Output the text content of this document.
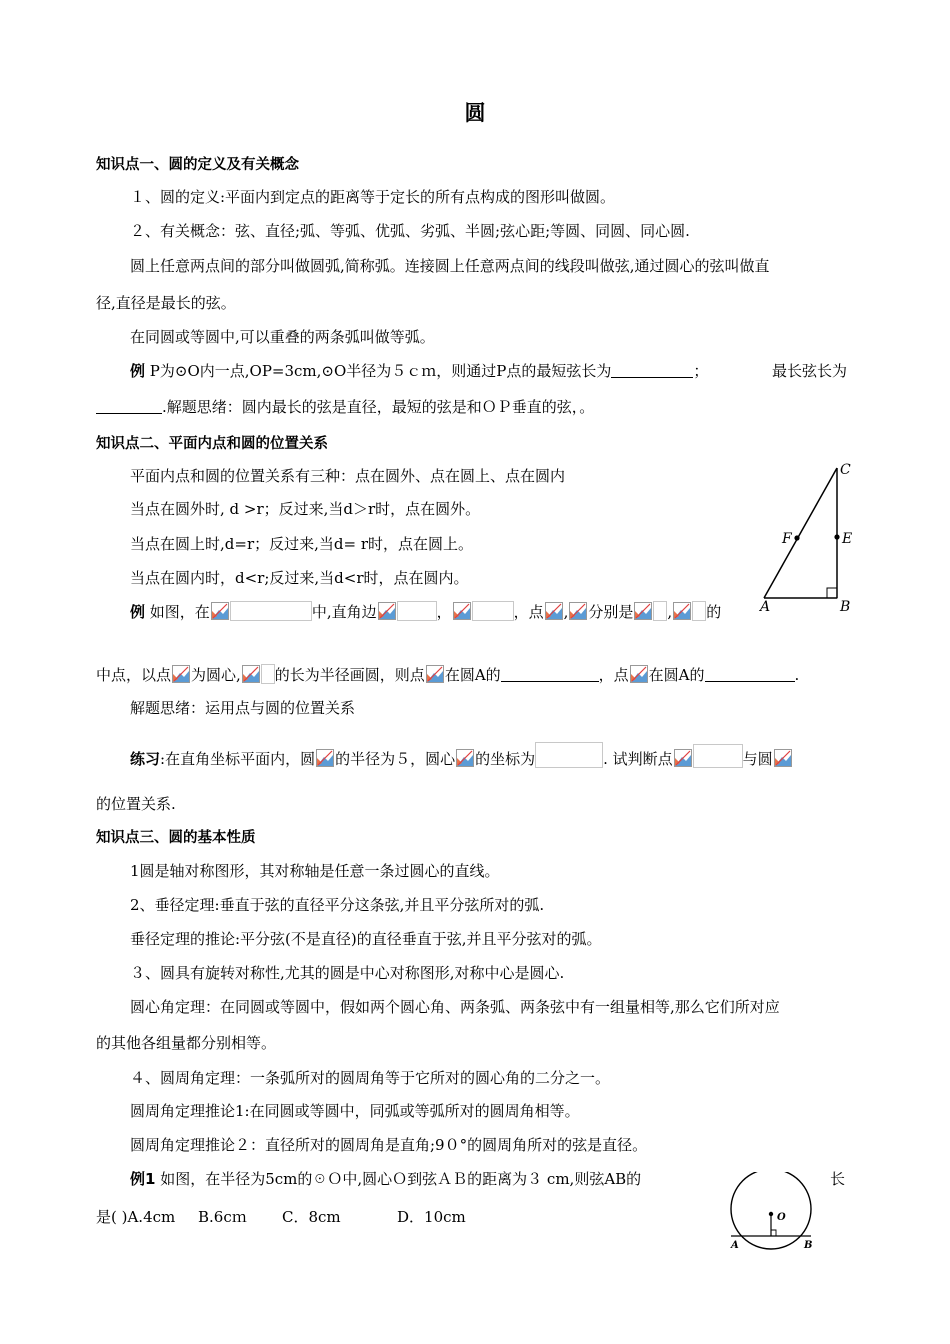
圆
知识点一、圆的定义及有关概念
１、圆的定义:平面内到定点的距离等于定长的所有点构成的图形叫做圆。
２、有关概念：弦、直径;弧、等弧、优弧、劣弧、半圆;弦心距;等圆、同圆、同心圆.
圆上任意两点间的部分叫做圆弧,简称弧。连接圆上任意两点间的线段叫做弦,通过圆心的弦叫做直
径,直径是最长的弦。
在同圆或等圆中,可以重叠的两条弧叫做等弧。
例 P为⊙O内一点,OP=3cm,⊙O半径为５ｃｍ，则通过P点的最短弦长为	；	最长弦长为
.解题思绪：圆内最长的弦是直径，最短的弦是和ＯＰ垂直的弦，。
知识点二、平面内点和圆的位置关系
平面内点和圆的位置关系有三种：点在圆外、点在圆上、点在圆内
当点在圆外时, d >r；反过来,当d＞r时，点在圆外。
当点在圆上时,d=r；反过来,当d= r时，点在圆上。
当点在圆内时，d<r;反过来,当d<r时，点在圆内。
A	B
C
E
F
例 如图，在	中,直角边	，	，点 , 分别是 , 的
中点，以点 为圆心, 的长为半径画圆，则点 在圆A的	，点 在圆A的	.
解题思绪：运用点与圆的位置关系
练习:在直角坐标平面内，圆 的半径为５，圆心 的坐标为	. 试判断点	与圆
的位置关系.
知识点三、圆的基本性质
1圆是轴对称图形，其对称轴是任意一条过圆心的直线。
2、垂径定理:垂直于弦的直径平分这条弦,并且平分弦所对的弧.
垂径定理的推论:平分弦(不是直径)的直径垂直于弦,并且平分弦对的弧。
３、圆具有旋转对称性,尤其的圆是中心对称图形,对称中心是圆心.
圆心角定理：在同圆或等圆中，假如两个圆心角、两条弧、两条弦中有一组量相等,那么它们所对应
的其他各组量都分别相等。
４、圆周角定理：一条弧所对的圆周角等于它所对的圆心角的二分之一。
圆周角定理推论1:在同圆或等圆中，同弧或等弧所对的圆周角相等。
圆周角定理推论２：直径所对的圆周角是直角;9０°的圆周角所对的弦是直径。
例1 如图，在半径为5cm的☉Ｏ中,圆心Ｏ到弦ＡＢ的距离为３ cm,则弦AB的	长
是( )A.4cm B.6cｍ C．8cm	D．10cm	O
A	B
